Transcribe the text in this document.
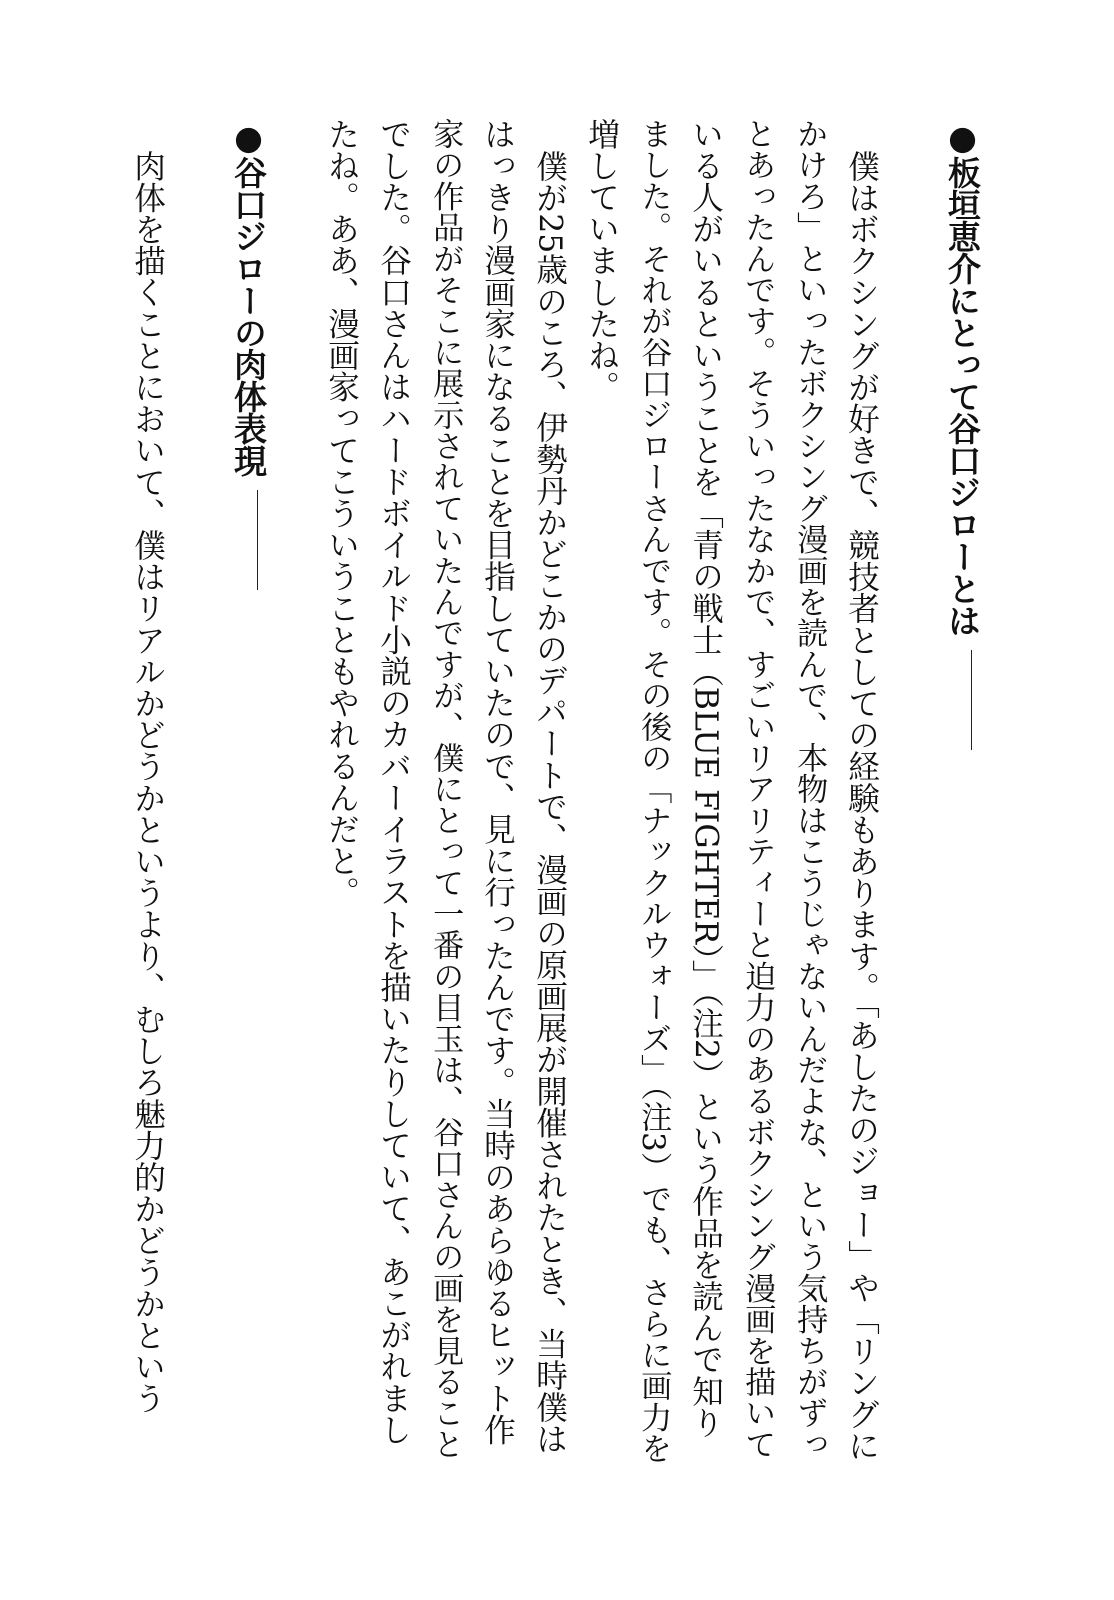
●板垣恵介にとって谷口ジローとは
僕はボクシングが好きで、競技者としての経験もあります。「あしたのジョー」や「リングに
かけろ」といったボクシング漫画を読んで、本物はこうじゃないんだよな、という気持ちがずっ
とあったんです。そういったなかで、すごいリアリティーと迫力のあるボクシング漫画を描いて
いる人がいるということを「青の戦士（BLUE FIGHTER）」（注2）という作品を読んで知り
ました。それが谷口ジローさんです。その後の「ナックルウォーズ」（注3）でも、さらに画力を
増していましたね。
僕が25歳のころ、伊勢丹かどこかのデパートで、漫画の原画展が開催されたとき、当時僕は
はっきり漫画家になることを目指していたので、見に行ったんです。当時のあらゆるヒット作
家の作品がそこに展示されていたんですが、僕にとって一番の目玉は、谷口さんの画を見ること
でした。谷口さんはハードボイルド小説のカバーイラストを描いたりしていて、あこがれまし
たね。ああ、漫画家ってこういうこともやれるんだと。
●谷口ジローの肉体表現
肉体を描くことにおいて、僕はリアルかどうかというより、むしろ魅力的かどうかという
